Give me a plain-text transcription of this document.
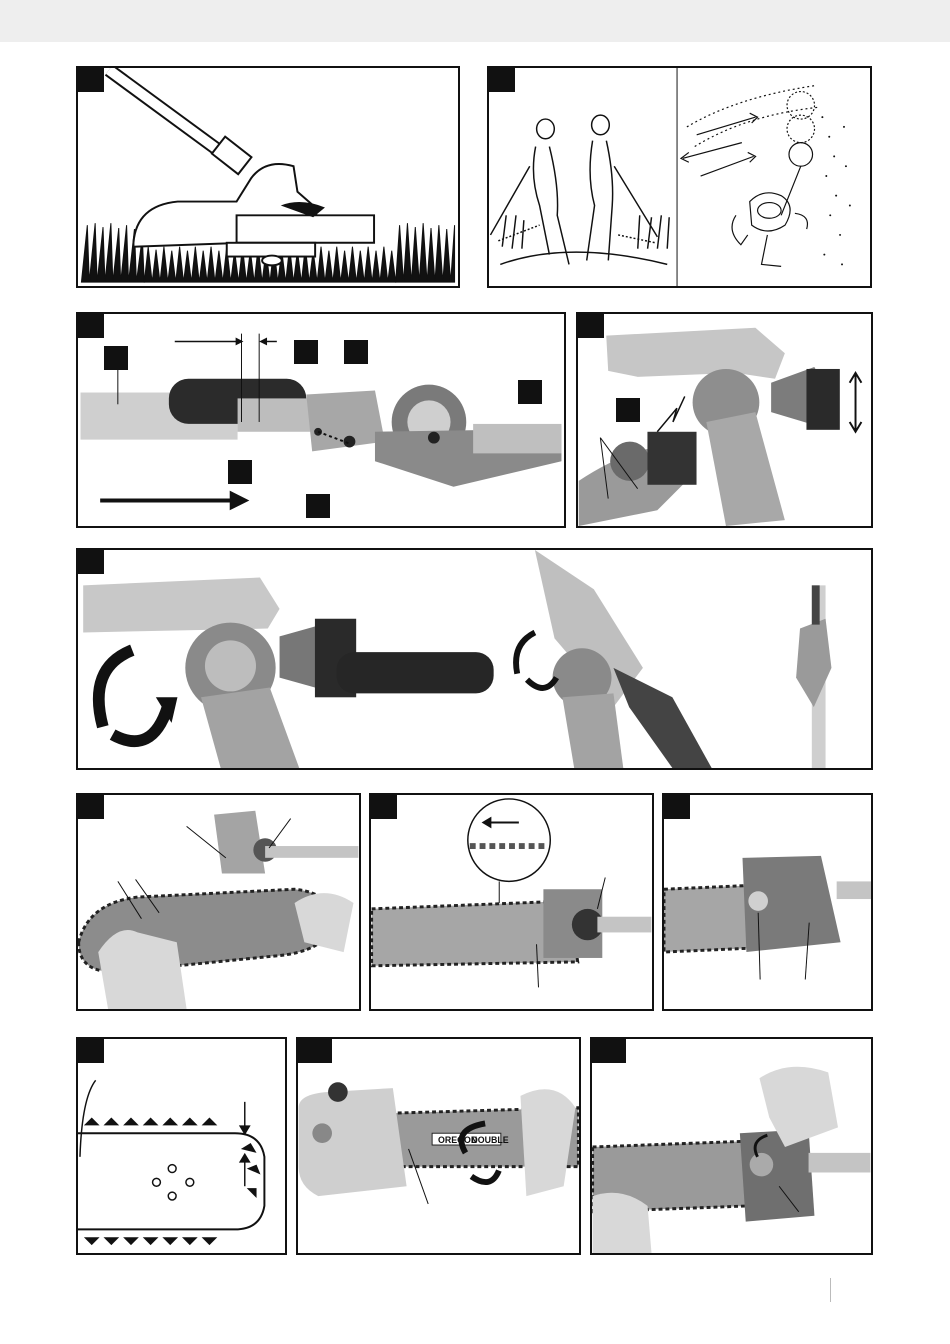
OREGON
DOUBLE
